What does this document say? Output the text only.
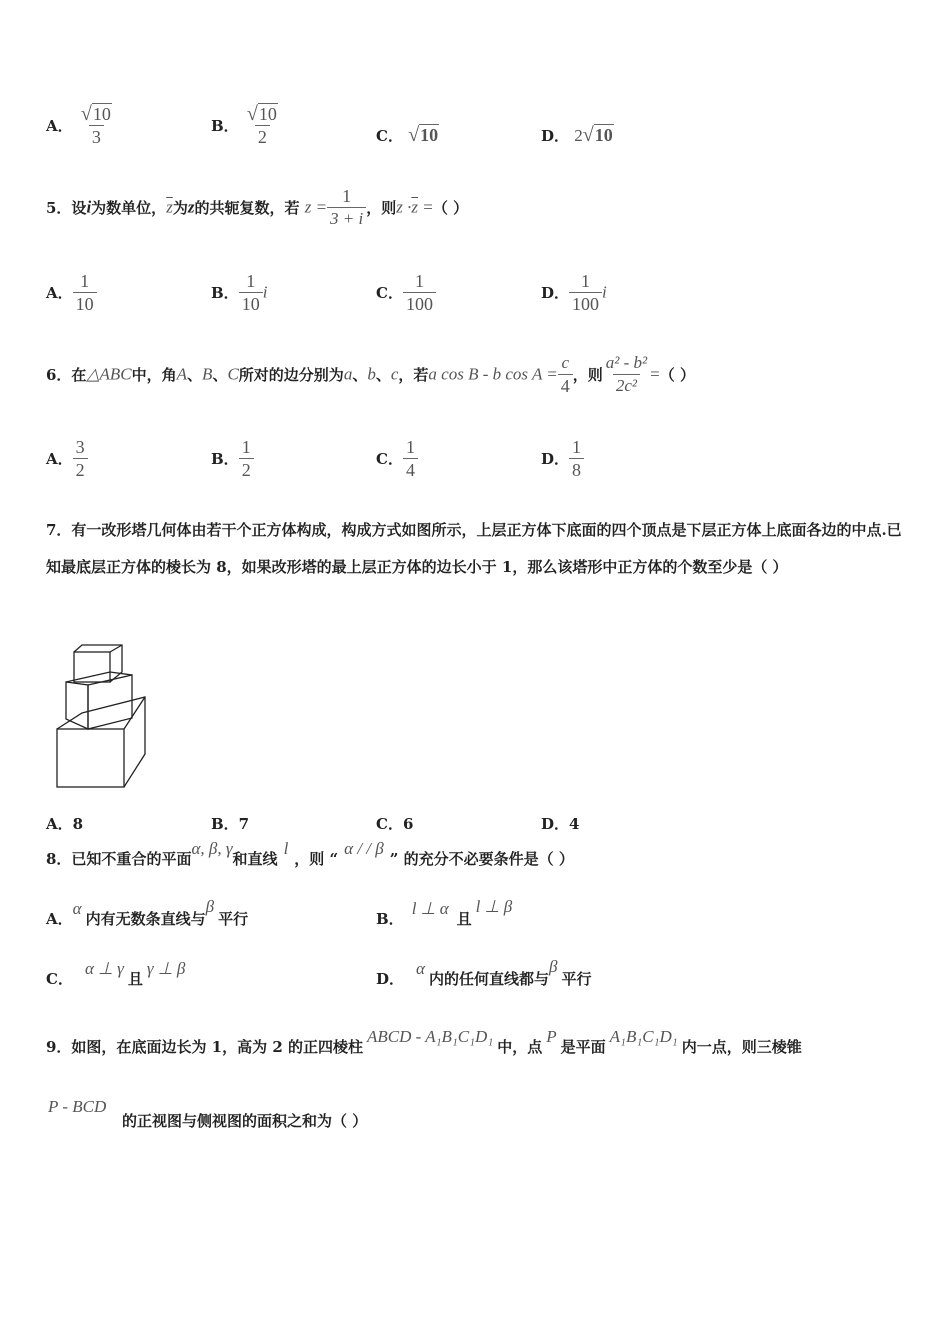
A． $\frac{√ 10}{3}$	B． $\frac{√ 10}{2}$	C． √ 10	D． 2 √ 10
5．设i为数单位，$\overline{z}$为z的共轭复数，若 $z = \frac{1}{3 + i}$ ，则$z \cdot\overline{z}$ =（ ）
A． $\frac{1}{10}$	B． $\frac{1}{10}$ i	C． $\frac{1}{100}$	D． $\frac{1}{100}$ i
6．在△ABC中，角A、B、C所对的边分别为a、b、c，若a cos B - b $\cos A = \frac{c}{4}$ ，则 $\frac{\text{a² - b²}}{\text{2c²}}$ =（ ）
A． $\frac{3}{2}$	B． $\frac{1}{2}$	C． $\frac{1}{4}$	D． $\frac{1}{8}$
7．有一改形塔几何体由若干个正方体构成，构成方式如图所示，上层正方体下底面的四个顶点是下层正方体上底面各边的中点.已知最底层正方体的棱长为 8，如果改形塔的最上层正方体的边长小于 1，那么该塔形中正方体的个数至少是（ ）
A．8	B．7	C．6	D．4
8．已知不重合的平面α, β, γ和直线l，则 “α / / β” 的充分不必要条件是（ ）
A．α内有无数条直线与β平行	B．l ⊥ α且l ⊥ β
C．α ⊥ γ且γ ⊥ β
D．α内的任何直线都与β平行
9．如图，在底面边长为 1，高为 2 的正四棱柱ABCD - A₁B₁C₁D₁中，点P是平面A₁B₁C₁D₁内一点，则三棱锥
P - BCD
的正视图与侧视图的面积之和为（ ）
